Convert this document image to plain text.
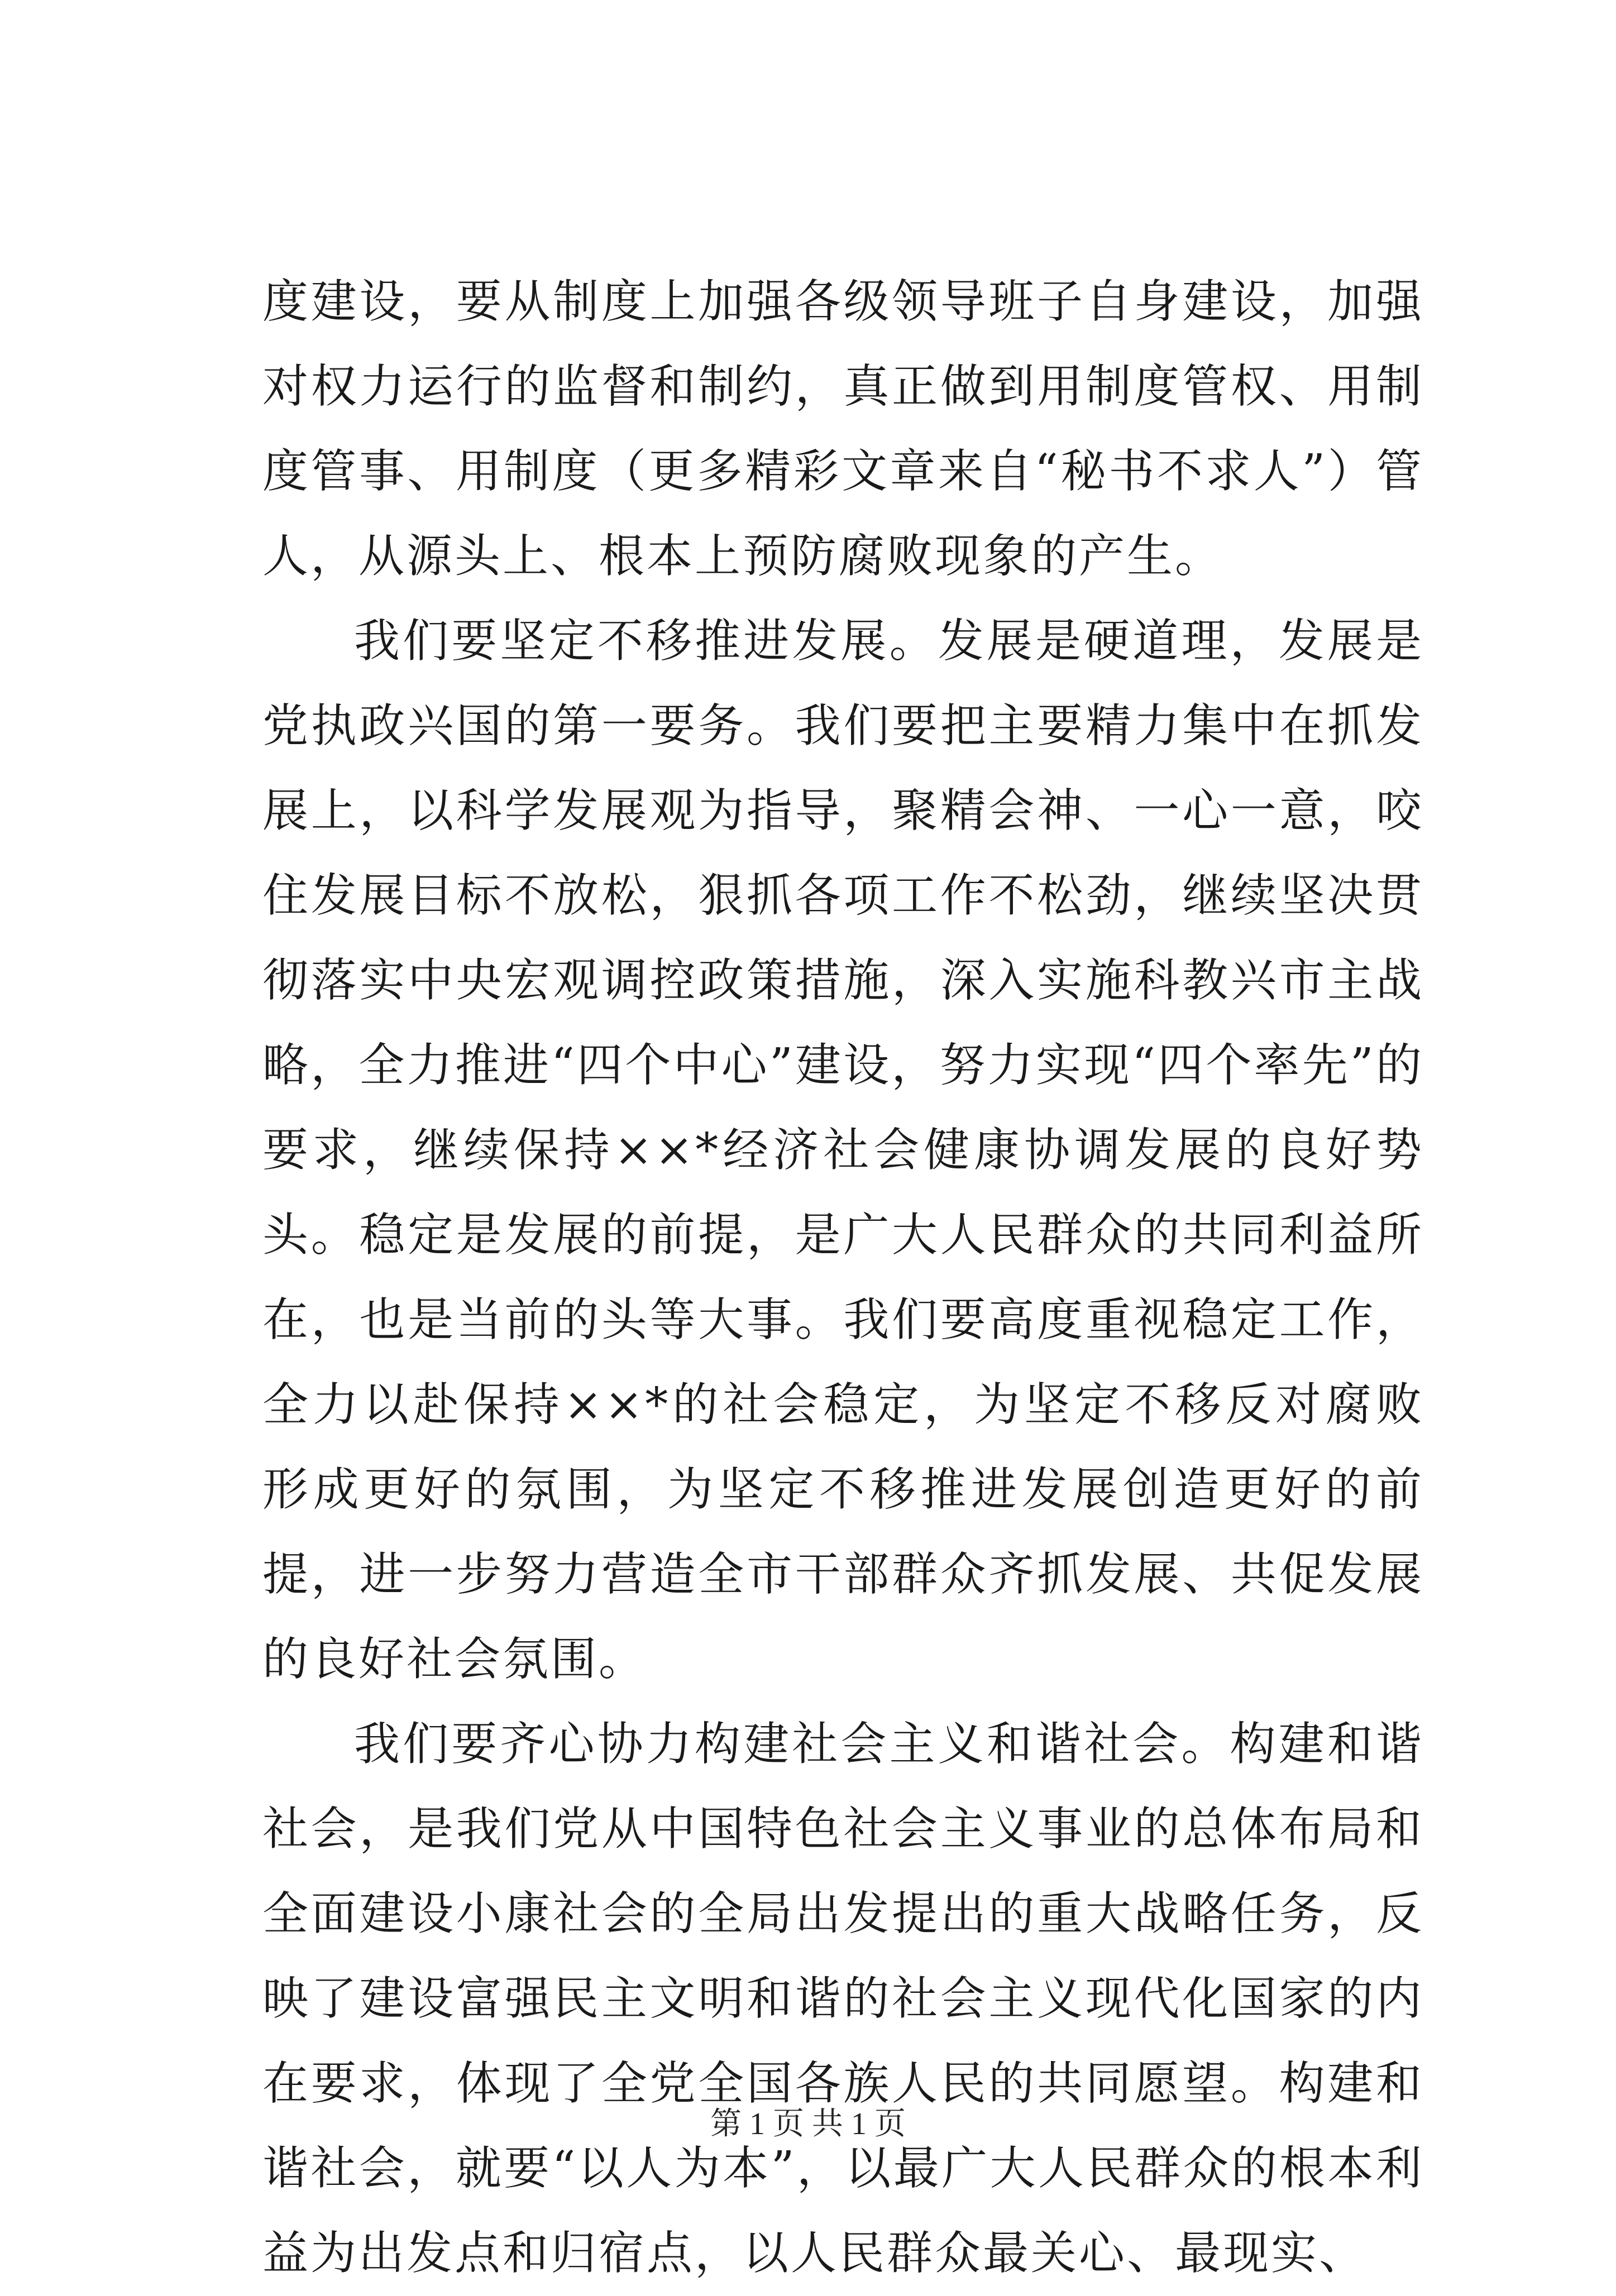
度建设，要从制度上加强各级领导班子自身建设，加强对权力运行的监督和制约，真正做到用制度管权、用制度管事、用制度（更多精彩文章来自“秘书不求人”）管人，从源头上、根本上预防腐败现象的产生。

我们要坚定不移推进发展。发展是硬道理，发展是党执政兴国的第一要务。我们要把主要精力集中在抓发展上，以科学发展观为指导，聚精会神、一心一意，咬住发展目标不放松，狠抓各项工作不松劲，继续坚决贯彻落实中央宏观调控政策措施，深入实施科教兴市主战略，全力推进“四个中心”建设，努力实现“四个率先”的要求，继续保持××*经济社会健康协调发展的良好势头。稳定是发展的前提，是广大人民群众的共同利益所在，也是当前的头等大事。我们要高度重视稳定工作，全力以赴保持××*的社会稳定，为坚定不移反对腐败形成更好的氛围，为坚定不移推进发展创造更好的前提，进一步努力营造全市干部群众齐抓发展、共促发展的良好社会氛围。

我们要齐心协力构建社会主义和谐社会。构建和谐社会，是我们党从中国特色社会主义事业的总体布局和全面建设小康社会的全局出发提出的重大战略任务，反映了建设富强民主文明和谐的社会主义现代化国家的内在要求，体现了全党全国各族人民的共同愿望。构建和谐社会，就要“以人为本”，以最广大人民群众的根本利益为出发点和归宿点，以人民群众最关心、最现实、

第 1 页 共 1 页
